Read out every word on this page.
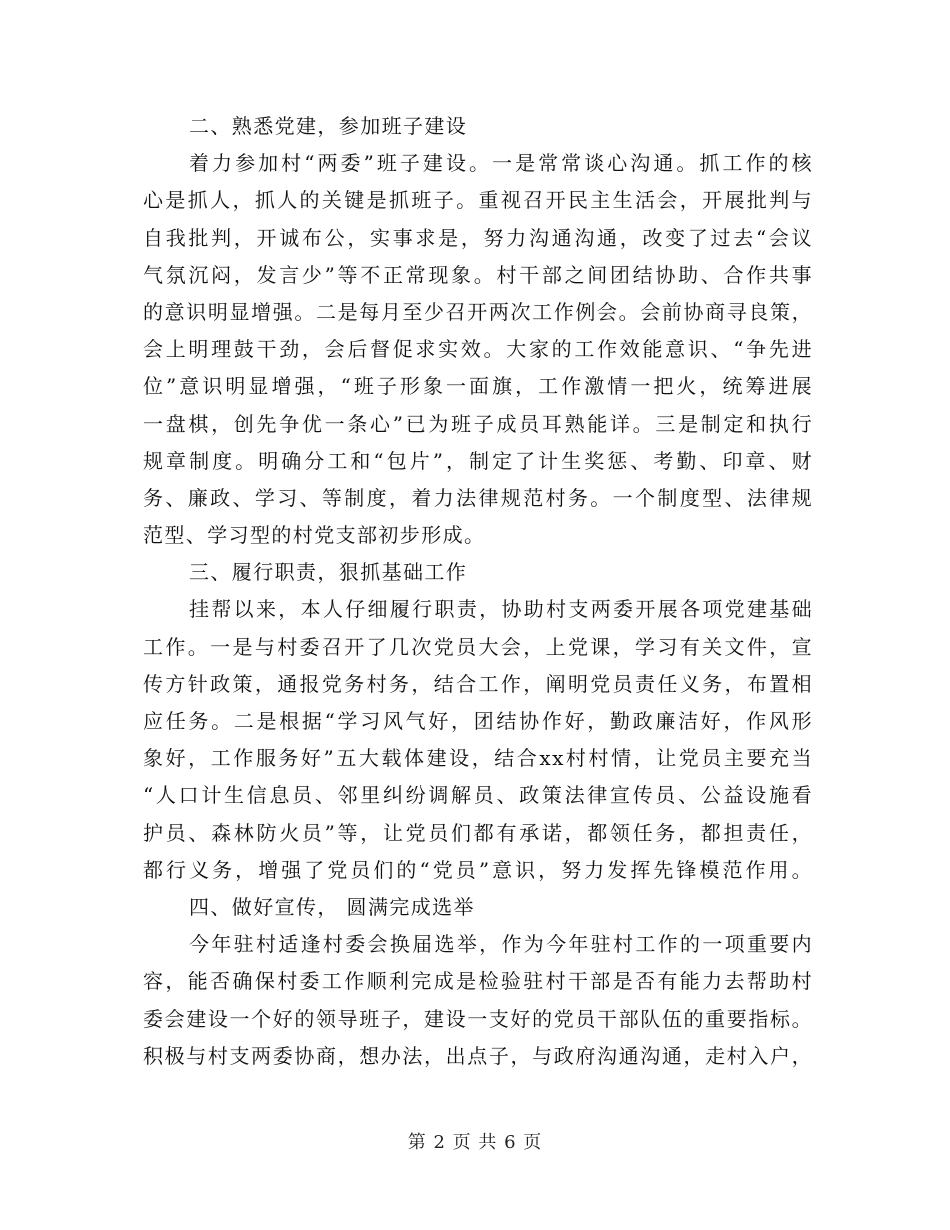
二、熟悉党建，参加班子建设
着力参加村“两委”班子建设。一是常常谈心沟通。抓工作的核
心是抓人，抓人的关键是抓班子。重视召开民主生活会，开展批判与
自我批判，开诚布公，实事求是，努力沟通沟通，改变了过去“会议
气氛沉闷，发言少”等不正常现象。村干部之间团结协助、合作共事
的意识明显增强。二是每月至少召开两次工作例会。会前协商寻良策，
会上明理鼓干劲，会后督促求实效。大家的工作效能意识、“争先进
位”意识明显增强，“班子形象一面旗，工作激情一把火，统筹进展
一盘棋，创先争优一条心”已为班子成员耳熟能详。三是制定和执行
规章制度。明确分工和“包片”，制定了计生奖惩、考勤、印章、财
务、廉政、学习、等制度，着力法律规范村务。一个制度型、法律规
范型、学习型的村党支部初步形成。
三、履行职责，狠抓基础工作
挂帮以来，本人仔细履行职责，协助村支两委开展各项党建基础
工作。一是与村委召开了几次党员大会，上党课，学习有关文件，宣
传方针政策，通报党务村务，结合工作，阐明党员责任义务，布置相
应任务。二是根据“学习风气好，团结协作好，勤政廉洁好，作风形
象好，工作服务好”五大载体建设，结合xx村村情，让党员主要充当
“人口计生信息员、邻里纠纷调解员、政策法律宣传员、公益设施看
护员、森林防火员”等，让党员们都有承诺，都领任务，都担责任，
都行义务，增强了党员们的“党员”意识，努力发挥先锋模范作用。
四、做好宣传， 圆满完成选举
今年驻村适逢村委会换届选举，作为今年驻村工作的一项重要内
容，能否确保村委工作顺利完成是检验驻村干部是否有能力去帮助村
委会建设一个好的领导班子，建设一支好的党员干部队伍的重要指标。
积极与村支两委协商，想办法，出点子，与政府沟通沟通，走村入户，
第 2 页 共 6 页
